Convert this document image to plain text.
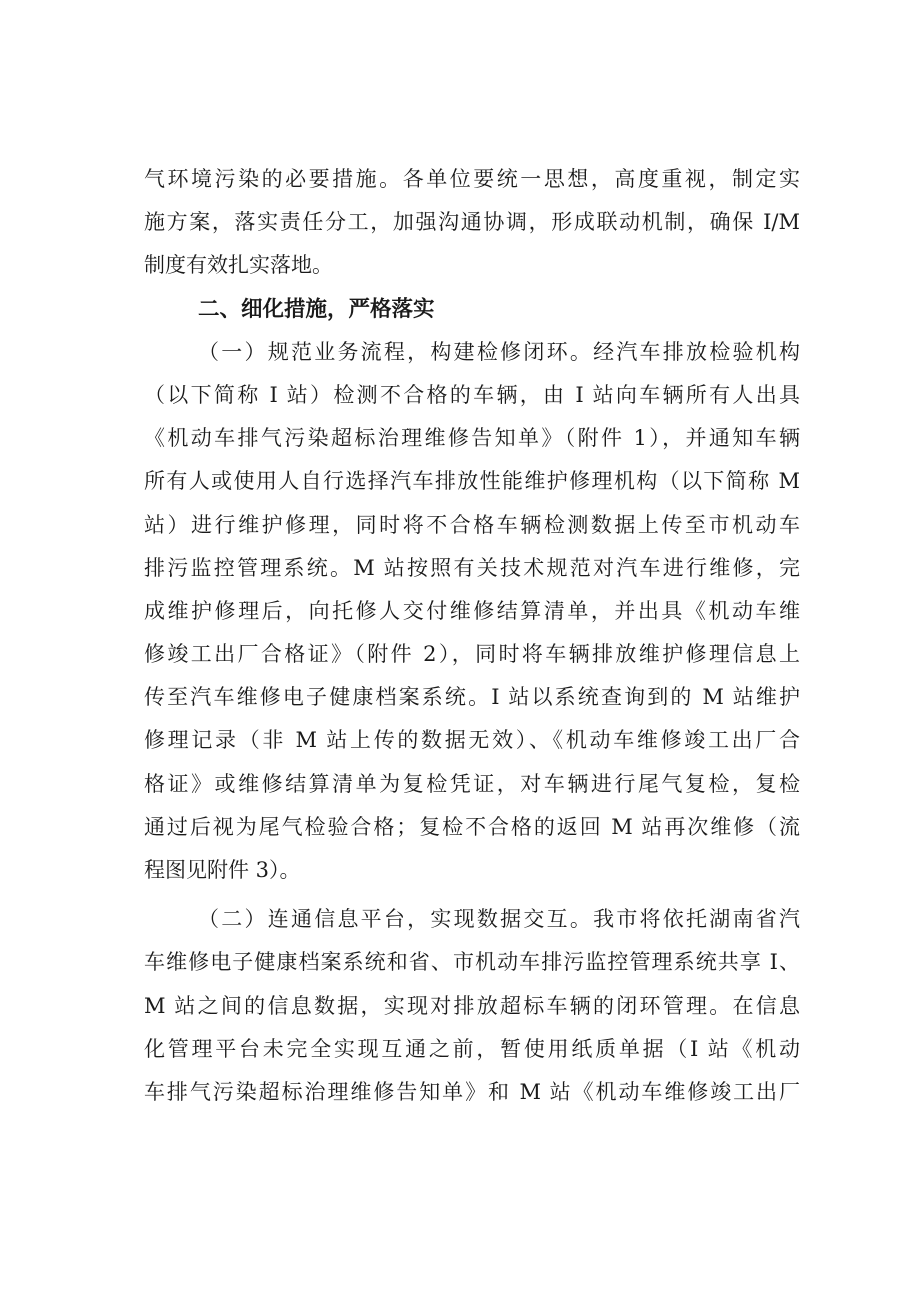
气环境污染的必要措施。各单位要统一思想，高度重视，制定实
施方案，落实责任分工，加强沟通协调，形成联动机制，确保 I/M
制度有效扎实落地。
二、细化措施，严格落实
（一）规范业务流程，构建检修闭环。经汽车排放检验机构
（以下简称 I 站）检测不合格的车辆，由 I 站向车辆所有人出具
《机动车排气污染超标治理维修告知单》（附件 1），并通知车辆
所有人或使用人自行选择汽车排放性能维护修理机构（以下简称 M
站）进行维护修理，同时将不合格车辆检测数据上传至市机动车
排污监控管理系统。M 站按照有关技术规范对汽车进行维修，完
成维护修理后，向托修人交付维修结算清单，并出具《机动车维
修竣工出厂合格证》（附件 2），同时将车辆排放维护修理信息上
传至汽车维修电子健康档案系统。I 站以系统查询到的 M 站维护
修理记录（非 M 站上传的数据无效）、《机动车维修竣工出厂合
格证》或维修结算清单为复检凭证，对车辆进行尾气复检，复检
通过后视为尾气检验合格；复检不合格的返回 M 站再次维修（流
程图见附件 3）。
（二）连通信息平台，实现数据交互。我市将依托湖南省汽
车维修电子健康档案系统和省、市机动车排污监控管理系统共享 I、
M 站之间的信息数据，实现对排放超标车辆的闭环管理。在信息
化管理平台未完全实现互通之前，暂使用纸质单据（I 站《机动
车排气污染超标治理维修告知单》和 M 站《机动车维修竣工出厂
